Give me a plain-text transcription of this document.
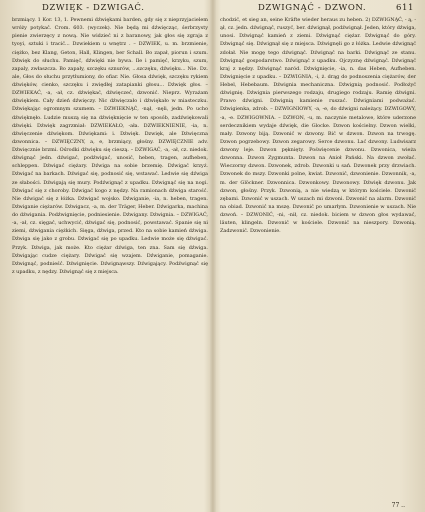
DZWIĘK - DZWIGAĆ.	DZWIGNĄĆ - DZWON.	611

brzmiący. 1 Kor. 13, 1. Pewnemi dźwiękami barden, gdy się z nieprzyjacielem wróży potykać. Crom. 603. (wyczek). Nie będą mi dźwięcząc, śerbrzysty pienie zwierzęcy z nową. Nie widzieć ni z baranowy, jak głos się zgraja z tyoyi, sztuki i tracić... Dzwiekiem u wnętrz . – DZWIEK, u. m. brzmienie, ciężko, bez Klang, Geton, Hall, Klingen, ber Schall. Bo zapał, piorun i szum. Dźwięk do słuchu. Pamięć, dźwięki nie bywa. Ile i pamięć, krzyku, szum, zapaly, zwłaszcza. Bo zapały, szczęku sznurów, ...szczęku, dźwięku... Nie. Dz. ale, Głos do słuchu przytłumiony, do ofiar. Nie. Głosa dźwięk, szczęku rykiem dźwięków, cienko, szczęku i zwiędłej zatapianki głosu... Dźwięk głos. – DZWIEKAĆ, -a, -ał, cz. dźwiękać, dźwięczeć, dzwonić. Nieprz. Wyrażam dźwiękiem. Cały dzień dźwięczy. Nic dźwięczało i dźwiękało w miasteczku. Dźwiękając ogromnym szumem. – DZWIEKNĄĆ, -nął, -nęli, jedn. Po ucho dźwięknęło. Ludzie muszą się na dźwięknięcie w ten sposób, zadźwiękowali dźwięki. Dźwięk zagrzmiał: DZWIEKAŁO, -ała. DZWIEKNIENIE, -ia, n. dźwięczenie dźwiękom. Dźwiękami: i. Dźwięk. Dzwięk, ale Dźwięczna dzwonnica. – DZWIĘCZNY, a, e, brzmiący, głośny. DZWIĘCZNIE adv. Dźwięcznie brzmi. Ośrodki dźwięku się cieszą. – DZWIGAĆ, -a, -ał, cz. niedok. dźwignąć jedn. dźwigać, podźwigać, unosić, heben, tragen, aufheben, schleppen. Dźwigać ciężary. Dźwiga na sobie brzemię. Dźwigać krzyż. Dźwigać na barkach. Dźwigać się, podnosić się, wstawać. Ledwie się dźwiga ze słabości. Dźwigają się mury. Podźwignąć z upadku. Dźwignąć się na nogi. Dźwigać się z choroby. Dźwigać kogo z nędzy. Na ramionach dźwiga starość. Nie dźwigać się z łóżka. Dźwigać wojsko. Dźwiganie, -ia, n. heben, tragen. Dźwiganie ciężarów. Dźwigacz, -a, m. der Träger, Heber. Dźwigarka, machina do dźwigania. Podźwignięcie, podniesienie. Dźwigany. Dźwignia. – DZWIGAĆ, -a, -ał, cz. sięgać, uchwycić, dźwigać się, podnosić, powstawać. Spanie się ni ziemi, dźwigania ciężkich. Sięga, dźwiga, przed. Kto na sobie kamień dźwiga. Dźwiga się jako z grobu. Dźwigać się po upadku. Ledwie może się dźwigać. Przyk. Dźwiga, jak może. Kto ciężar dźwiga, ten zna. Sam się dźwiga. Dźwigając cudze ciężary. Dźwigać się wzajem. Dźwiganie, pomaganie. Dźwignąć, podnieść. Dźwignięcie. Dźwignąwszy. Dźwigający. Podźwignąć się z upadku, z nędzy. Dźwignąć się z miejsca.

chodzić, et sieg an, seine Kräfte wieder heraus zu heben. 2) DZWIGNĄĆ, - ą, - ął, cz. jedn. dźwignąć, ruszyć, ber. dźwignął, podźwignął. Jeden, który dźwiga, unosi. Dźwignąć kamień z ziemi. Dźwignąć ciężar. Dźwignąć do góry. Dźwignąć się. Dźwignął się z miejsca. Dźwignęli go z łóżka. Ledwie dźwignąć zdołał. Nie mogę tego dźwignąć. Dźwignąć na barki. Dźwignąć ze stanu. Dźwignąć gospodarstwo. Dźwignąć z upadku. Ojczyznę dźwignąć. Dźwignąć kraj z nędzy. Dźwignąć naród. Dźwignięcie, -ia, n. das Heben, Aufheben. Dźwignięcie z upadku. – DZWIGNIA, -i, ż. drąg do podnoszenia ciężarów, der Hebel, Hebebaum. Dźwignia mechaniczna. Dźwignią podnosić. Podłożyć dźwignię. Dźwignia pierwszego rodzaju, drugiego rodzaju. Ramię dźwigni. Prawo dźwigni. Dźwignią kamienie ruszać. Dźwigniami podważać. Dźwigienka, zdrob. – DZWIGNIOWY, -a, -e, do dźwigni należący. DZWIGOWY, -a, -e. DZWIGOWNIA. – DZWON, -u, m. naczynie metalowe, które uderzone serdecznikiem wydaje dźwięk, die Glocke. Dzwon kościelny. Dzwon wielki, mały. Dzwony biją. Dzwonić w dzwony. Bić w dzwon. Dzwon na trwogę. Dzwon pogrzebowy. Dzwon zegarowy. Serce dzwonu. Lać dzwony. Ludwisarz dzwony leje. Dzwon pęknięty. Poświęcenie dzwonu. Dzwonica, wieża dzwonna. Dzwon Zygmunta. Dzwon na Anioł Pański. Na dzwon zwołać. Wieczorny dzwon. Dzwonek, zdrob. Dzwonki u sań. Dzwonek przy drzwiach. Dzwonek do mszy. Dzwonki polne, kwiat. Dzwonić, dzwonienie. Dzwonnik, -a, m. der Glöckner. Dzwonnica. Dzwonkowy. Dzwonowy. Dźwięk dzwonu. Jak dzwon, głośny. Przyk. Dzwonią, a nie wiedzą w którym kościele. Dzwonić zębami. Dzwonić w uszach. W uszach mi dzwoni. Dzwonić na alarm. Dzwonić na obiad. Dzwonić na mszę. Dzwonić po umarłym. Dzwonienie w uszach. Nie dzwoń. – DZWONIĆ, -ni, -nił, cz. niedok. biciem w dzwon głos wydawać, läuten, klingeln. Dzwonić w kościele. Dzwonić na nieszpory. Dzwonią. Zadzwonić. Dzwonienie.

77 ..
